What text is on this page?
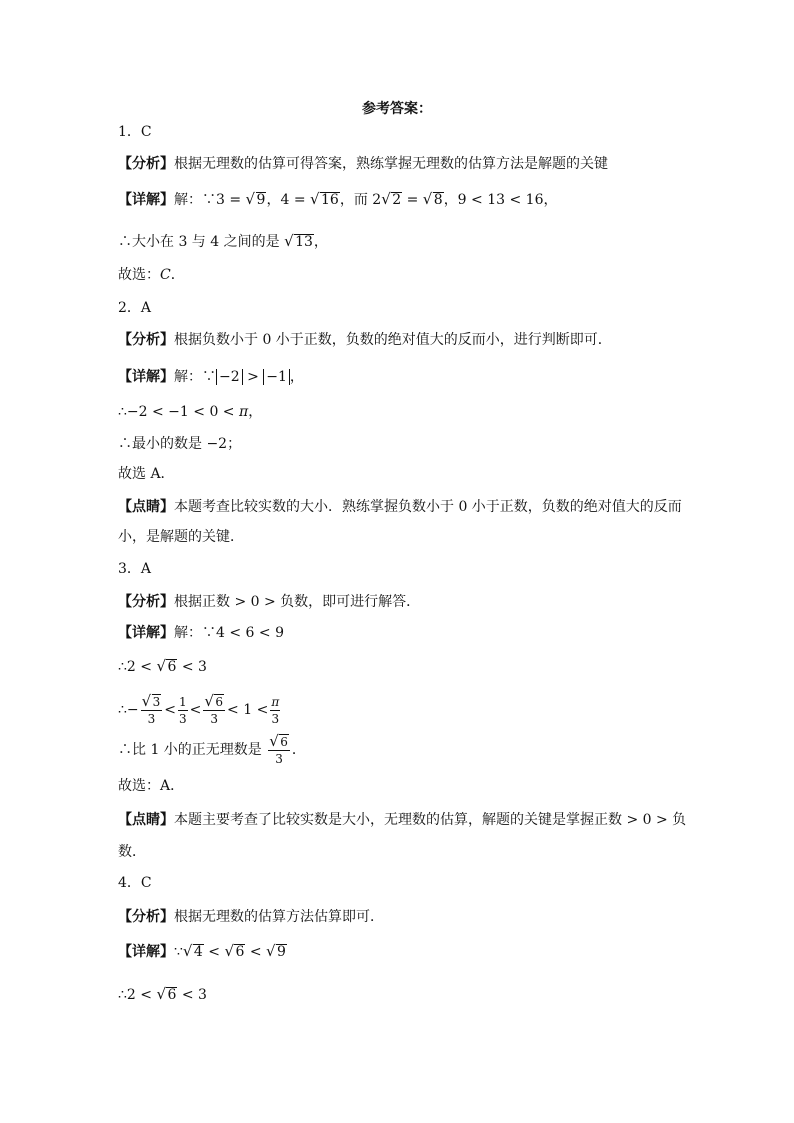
参考答案：
1．C
【分析】根据无理数的估算可得答案，熟练掌握无理数的估算方法是解题的关键
【详解】解：∵3 = √ 9，4 = √ 16，而 2 √ 2 = √ 8，9 < 13 < 16，
∴大小在 3 与 4 之间的是 √ 13，
故选：C．
2．A
【分析】根据负数小于 0 小于正数，负数的绝对值大的反而小，进行判断即可．
【详解】解：∵ −2 > −1 ，
∴−2 < −1 < 0 < π，
∴最小的数是 −2；
故选 A．
【点睛】本题考查比较实数的大小．熟练掌握负数小于 0 小于正数，负数的绝对值大的反而
小，是解题的关键．
3．A
【分析】根据正数 > 0 > 负数，即可进行解答．
【详解】解：∵4 < 6 < 9
∴2 < √ 6 < 3
∴− √ $\frac{3}{3} < \frac{1}{3}$ < √ $\frac{6}{3} < 1 < \frac{\pi}{3}$
∴比 1 小的正无理数是 √ $\frac{6}{3}$ ．
故选：A．
【点睛】本题主要考查了比较实数是大小，无理数的估算，解题的关键是掌握正数 > 0 > 负
数．
4．C
【分析】根据无理数的估算方法估算即可．
【详解】∵ √ 4 < √ 6 < √ 9
∴2 < √ 6 < 3
